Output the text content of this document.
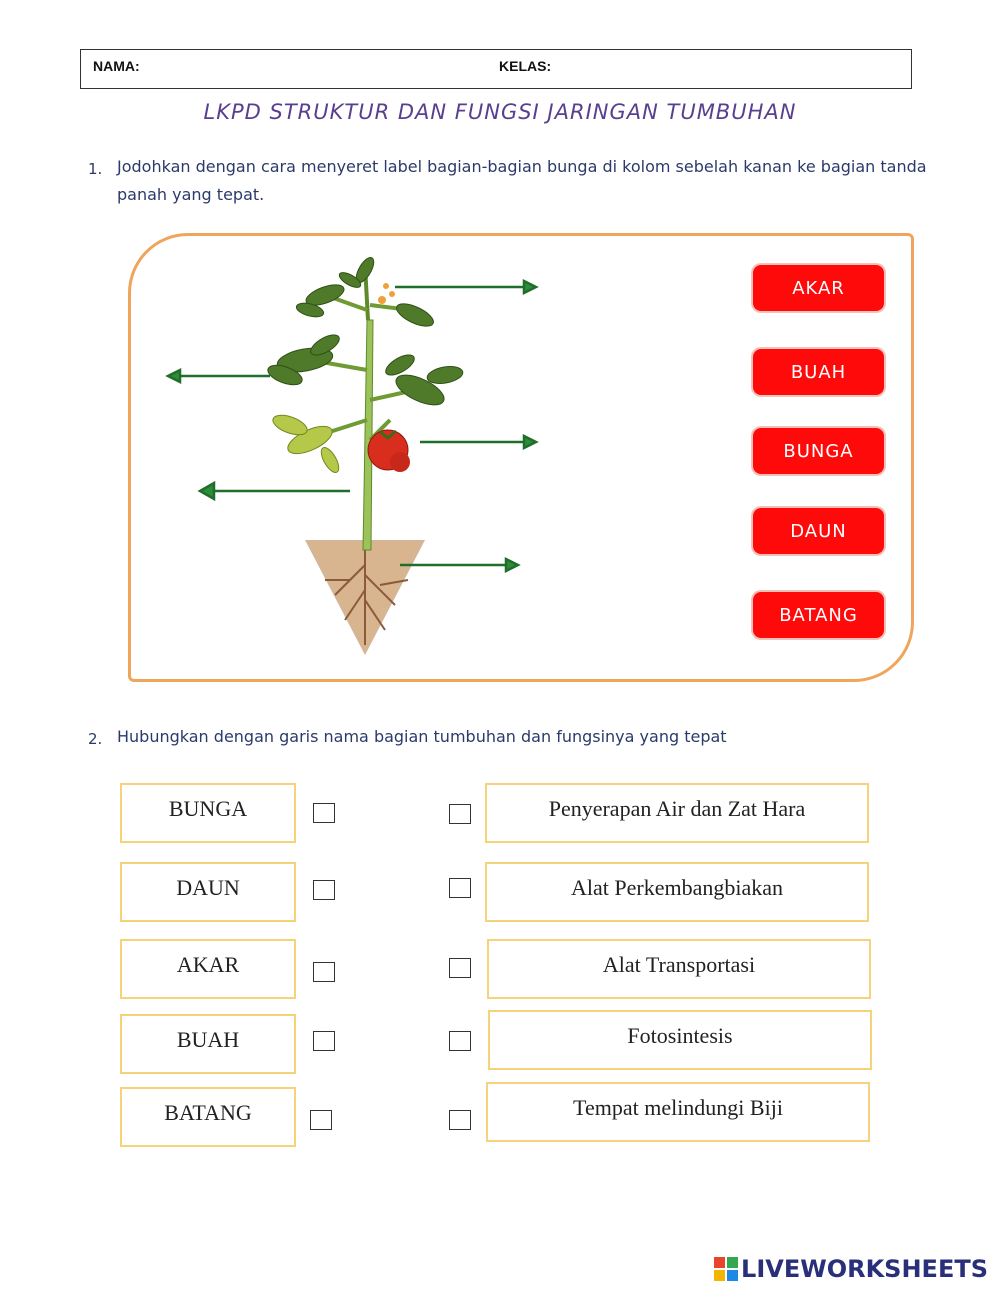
NAMA:	KELAS:
LKPD STRUKTUR DAN FUNGSI JARINGAN TUMBUHAN
1. Jodohkan dengan cara menyeret label bagian-bagian bunga di kolom sebelah kanan ke bagian tanda panah yang tepat.
AKAR
BUAH
BUNGA
DAUN
BATANG
2. Hubungkan dengan garis nama bagian tumbuhan dan fungsinya yang tepat
BUNGA
DAUN
AKAR
BUAH
BATANG
Penyerapan Air dan Zat Hara
Alat Perkembangbiakan
Alat Transportasi
Fotosintesis
Tempat melindungi Biji
LIVEWORKSHEETS
